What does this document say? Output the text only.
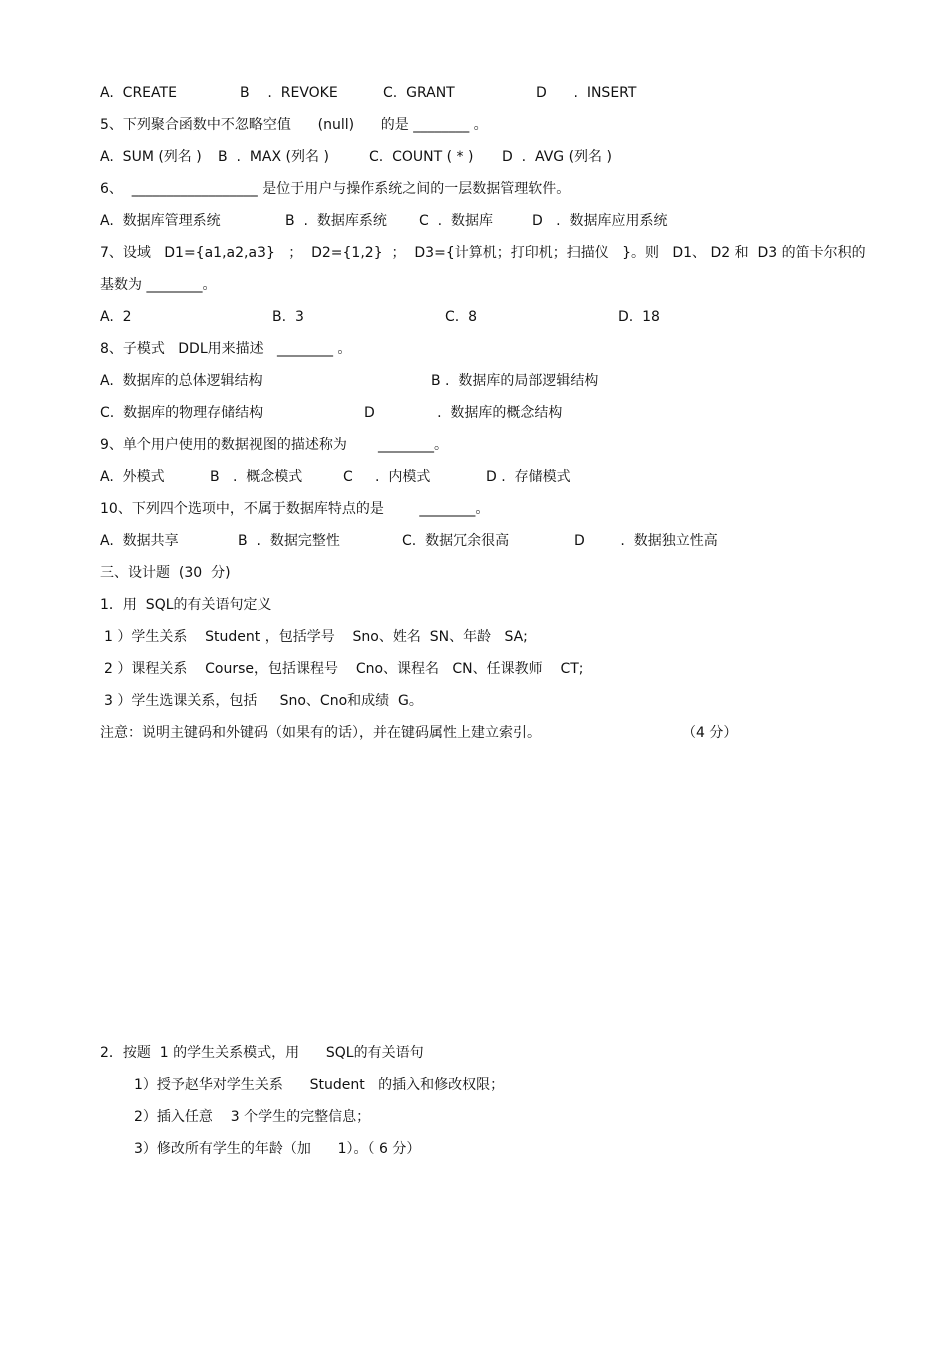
A.  CREATE

	B    .  REVOKE

	C.  GRANT

	D      .  INSERT

5、下列聚合函数中不忽略空值      (null)      的是 ________ 。

A.  SUM (列名 )

B  .  MAX (列名 )

	C.  COUNT ( * )

D  .  AVG (列名 )

6、  __________________ 是位于用户与操作系统之间的一层数据管理软件。

A.  数据库管理系统

	B  .  数据库系统

C  .  数据库

	D   .  数据库应用系统

7、设域   D1={a1,a2,a3}   ；  D2={1,2}  ；  D3={计算机；打印机；扫描仪   }。则   D1、 D2 和  D3 的笛卡尔积的
基数为 ________。

A.  2

	B.  3

	C.  8

	D.  18

8、子模式   DDL用来描述   ________ 。

A.  数据库的总体逻辑结构

	B .  数据库的局部逻辑结构

C.  数据库的物理存储结构

	D              .  数据库的概念结构

9、单个用户使用的数据视图的描述称为       ________。

A.  外模式

	B   .  概念模式

	C     .  内模式

	D .  存储模式

10、下列四个选项中，不属于数据库特点的是        ________。

A.  数据共享

	B  .  数据完整性

	C.  数据冗余很高

	D        .  数据独立性高

三、设计题  (30  分)
1．用  SQL的有关语句定义
1 ）学生关系    Student ，包括学号    Sno、姓名  SN、年龄   SA;
2 ）课程关系    Course，包括课程号    Cno、课程名   CN、任课教师    CT;
3 ）学生选课关系，包括     Sno、Cno和成绩  G。

注意：说明主键码和外键码（如果有的话），并在键码属性上建立索引。

	（4 分）

2．按题  1 的学生关系模式，用      SQL的有关语句
1）授予赵华对学生关系      Student   的插入和修改权限；
2）插入任意    3 个学生的完整信息；
3）修改所有学生的年龄（加      1）。（ 6 分）
